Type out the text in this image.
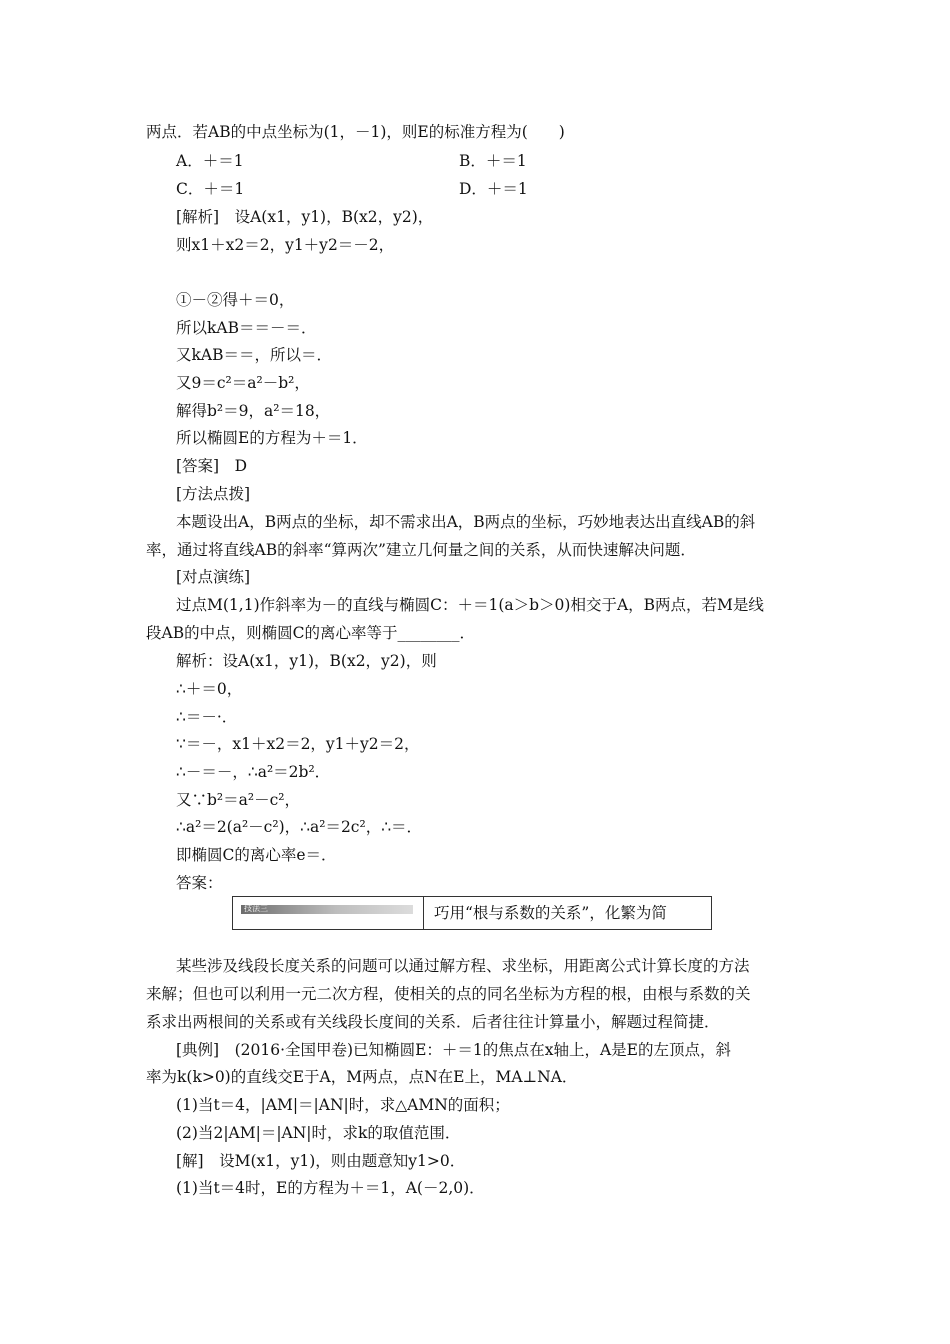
两点．若AB的中点坐标为(1，－1)，则E的标准方程为(　　)
A．＋＝1	B．＋＝1
C．＋＝1	D．＋＝1
[解析]　设A(x1，y1)，B(x2，y2)，
则x1＋x2＝2，y1＋y2＝－2，
①－②得＋＝0，
所以kAB＝＝－＝．
又kAB＝＝，所以＝．
又9＝c²＝a²－b²，
解得b²＝9，a²＝18，
所以椭圆E的方程为＋＝1．
[答案]　D
[方法点拨]
本题设出A，B两点的坐标，却不需求出A，B两点的坐标，巧妙地表达出直线AB的斜
率，通过将直线AB的斜率“算两次”建立几何量之间的关系，从而快速解决问题．
[对点演练]
过点M(1,1)作斜率为－的直线与椭圆C：＋＝1(a＞b＞0)相交于A，B两点，若M是线
段AB的中点，则椭圆C的离心率等于________．
解析：设A(x1，y1)，B(x2，y2)，则
∴＋＝0，
∴＝－·．
∵＝－，x1＋x2＝2，y1＋y2＝2，
∴－＝－，∴a²＝2b²．
又∵b²＝a²－c²，
∴a²＝2(a²－c²)，∴a²＝2c²，∴＝．
即椭圆C的离心率e＝．
答案：
技法三	巧用“根与系数的关系”，化繁为简
某些涉及线段长度关系的问题可以通过解方程、求坐标，用距离公式计算长度的方法
来解；但也可以利用一元二次方程，使相关的点的同名坐标为方程的根，由根与系数的关
系求出两根间的关系或有关线段长度间的关系．后者往往计算量小，解题过程简捷．
[典例]　(2016·全国甲卷)已知椭圆E：＋＝1的焦点在x轴上，A是E的左顶点，斜
率为k(k>0)的直线交E于A，M两点，点N在E上，MA⊥NA．
(1)当t＝4，|AM|＝|AN|时，求△AMN的面积；
(2)当2|AM|＝|AN|时，求k的取值范围．
[解]　设M(x1，y1)，则由题意知y1>0．
(1)当t＝4时，E的方程为＋＝1，A(－2,0)．
